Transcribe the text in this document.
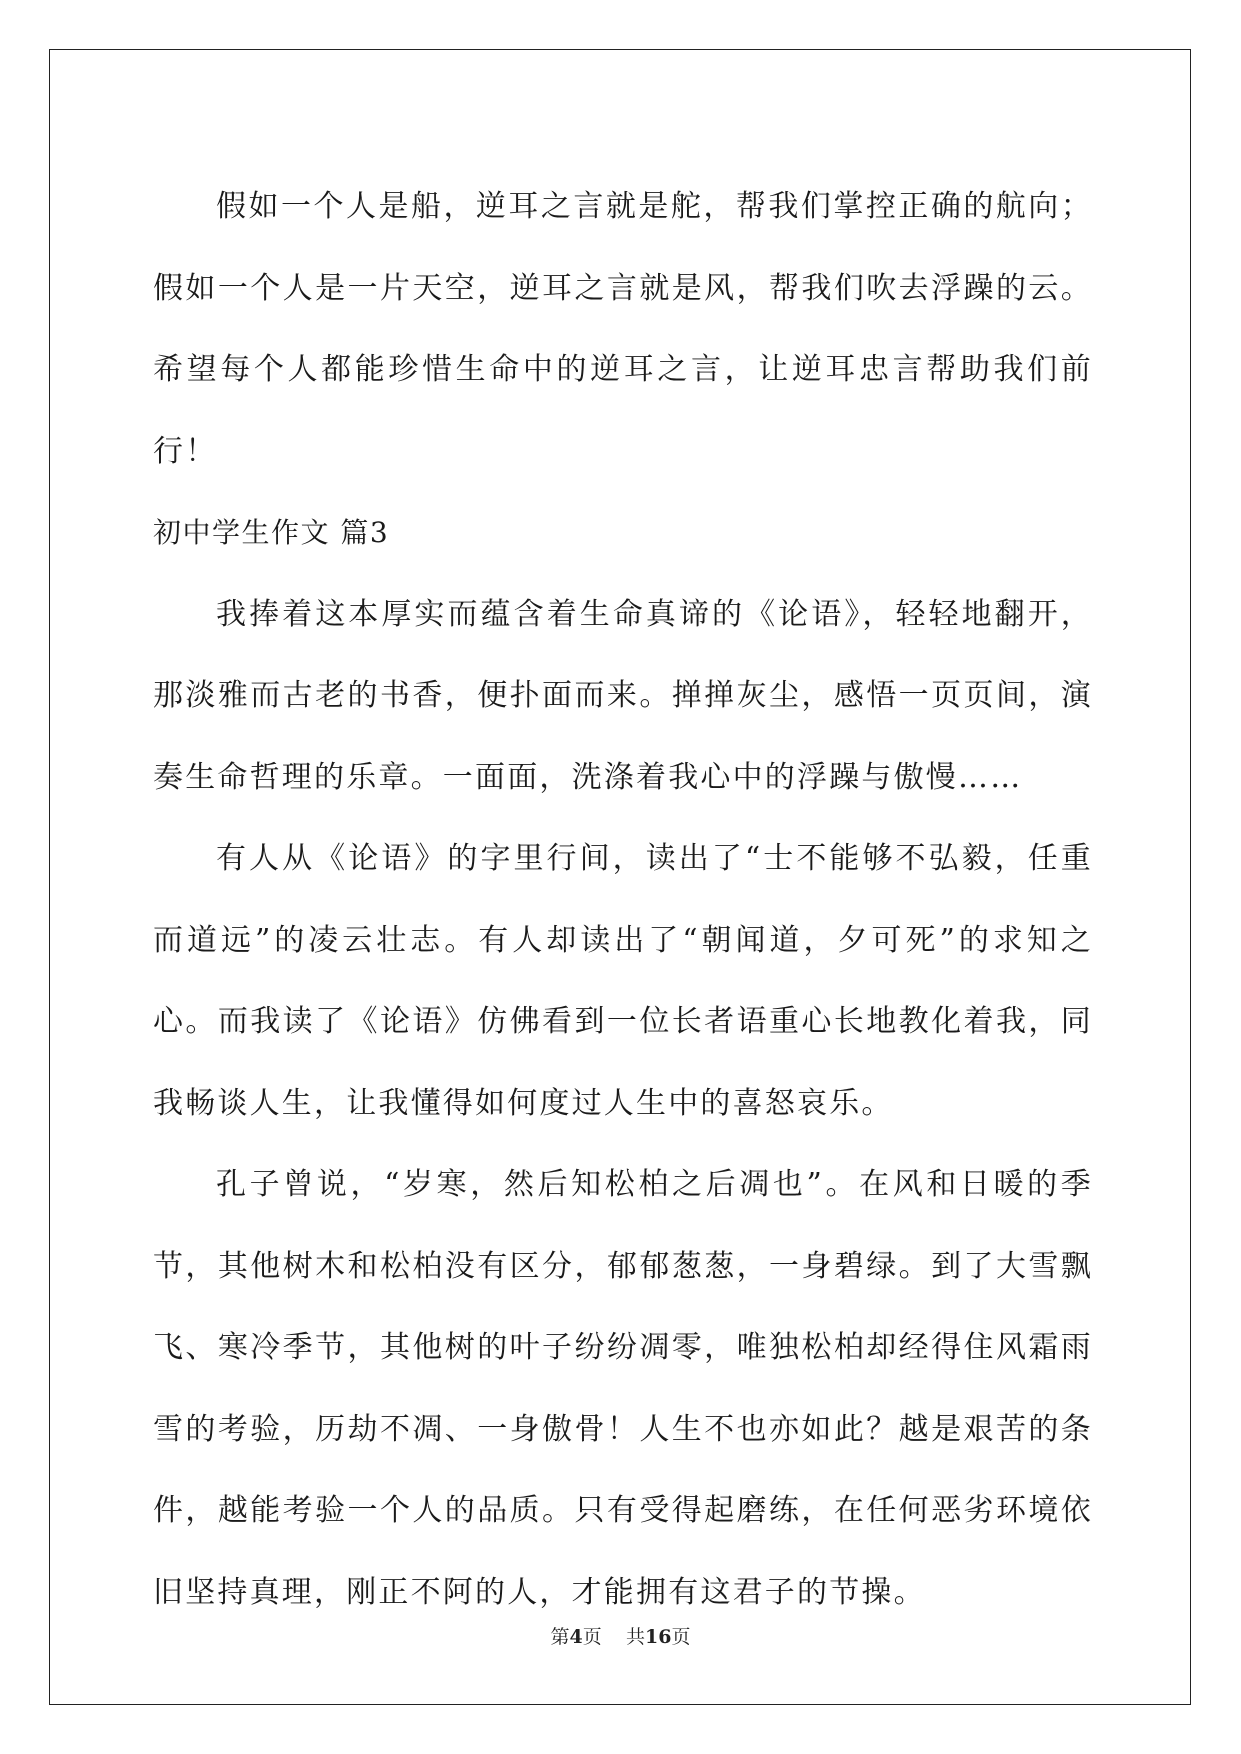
假如一个人是船，逆耳之言就是舵，帮我们掌控正确的航向；假如一个人是一片天空，逆耳之言就是风，帮我们吹去浮躁的云。希望每个人都能珍惜生命中的逆耳之言，让逆耳忠言帮助我们前行！

初中学生作文 篇3

我捧着这本厚实而蕴含着生命真谛的《论语》，轻轻地翻开，那淡雅而古老的书香，便扑面而来。掸掸灰尘，感悟一页页间，演奏生命哲理的乐章。一面面，洗涤着我心中的浮躁与傲慢……

有人从《论语》的字里行间，读出了“士不能够不弘毅，任重而道远”的凌云壮志。有人却读出了“朝闻道，夕可死”的求知之心。而我读了《论语》仿佛看到一位长者语重心长地教化着我，同我畅谈人生，让我懂得如何度过人生中的喜怒哀乐。

孔子曾说，“岁寒，然后知松柏之后凋也”。在风和日暖的季节，其他树木和松柏没有区分，郁郁葱葱，一身碧绿。到了大雪飘飞、寒冷季节，其他树的叶子纷纷凋零，唯独松柏却经得住风霜雨雪的考验，历劫不凋、一身傲骨！人生不也亦如此？越是艰苦的条件，越能考验一个人的品质。只有受得起磨练，在任何恶劣环境依旧坚持真理，刚正不阿的人，才能拥有这君子的节操。

第4页 共16页
